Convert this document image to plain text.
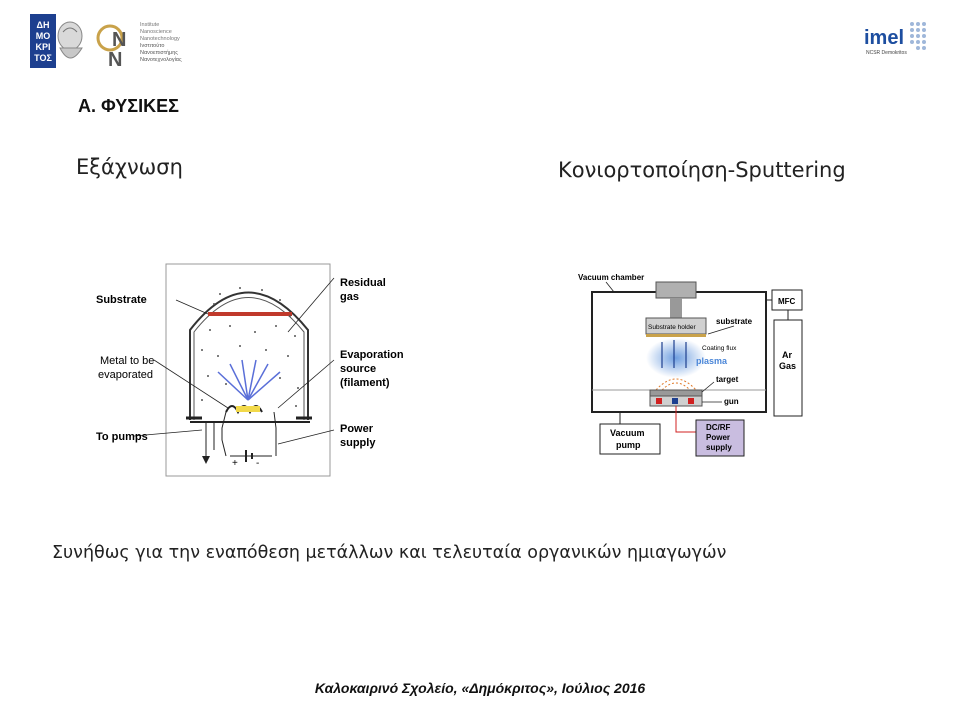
ΔΗ
ΜΟ
ΚΡΙ
ΤΟΣ
N
N
Institute
Nanoscience
Nanotechnology
Ινστιτούτο
Νανοεπιστήμης
Νανοτεχνολογίας
imel
NCSR Demokritos
Α. ΦΥΣΙΚΕΣ
Εξάχνωση	Κονιορτοποίηση-Sputtering
+ -
Substrate
Residual
gas
Metal to be
evaporated
Evaporation
source
(filament)
To pumps
Power
supply
Vacuum chamber
Substrate holder
substrate
Coating flux
plasma
target
gun
MFC
Ar
Gas
Vacuum
pump
DC/RF
Power
supply
Συνήθως για την εναπόθεση μετάλλων και τελευταία οργανικών ημιαγωγών
Καλοκαιρινό Σχολείο, «Δημόκριτος», Ιούλιος 2016
